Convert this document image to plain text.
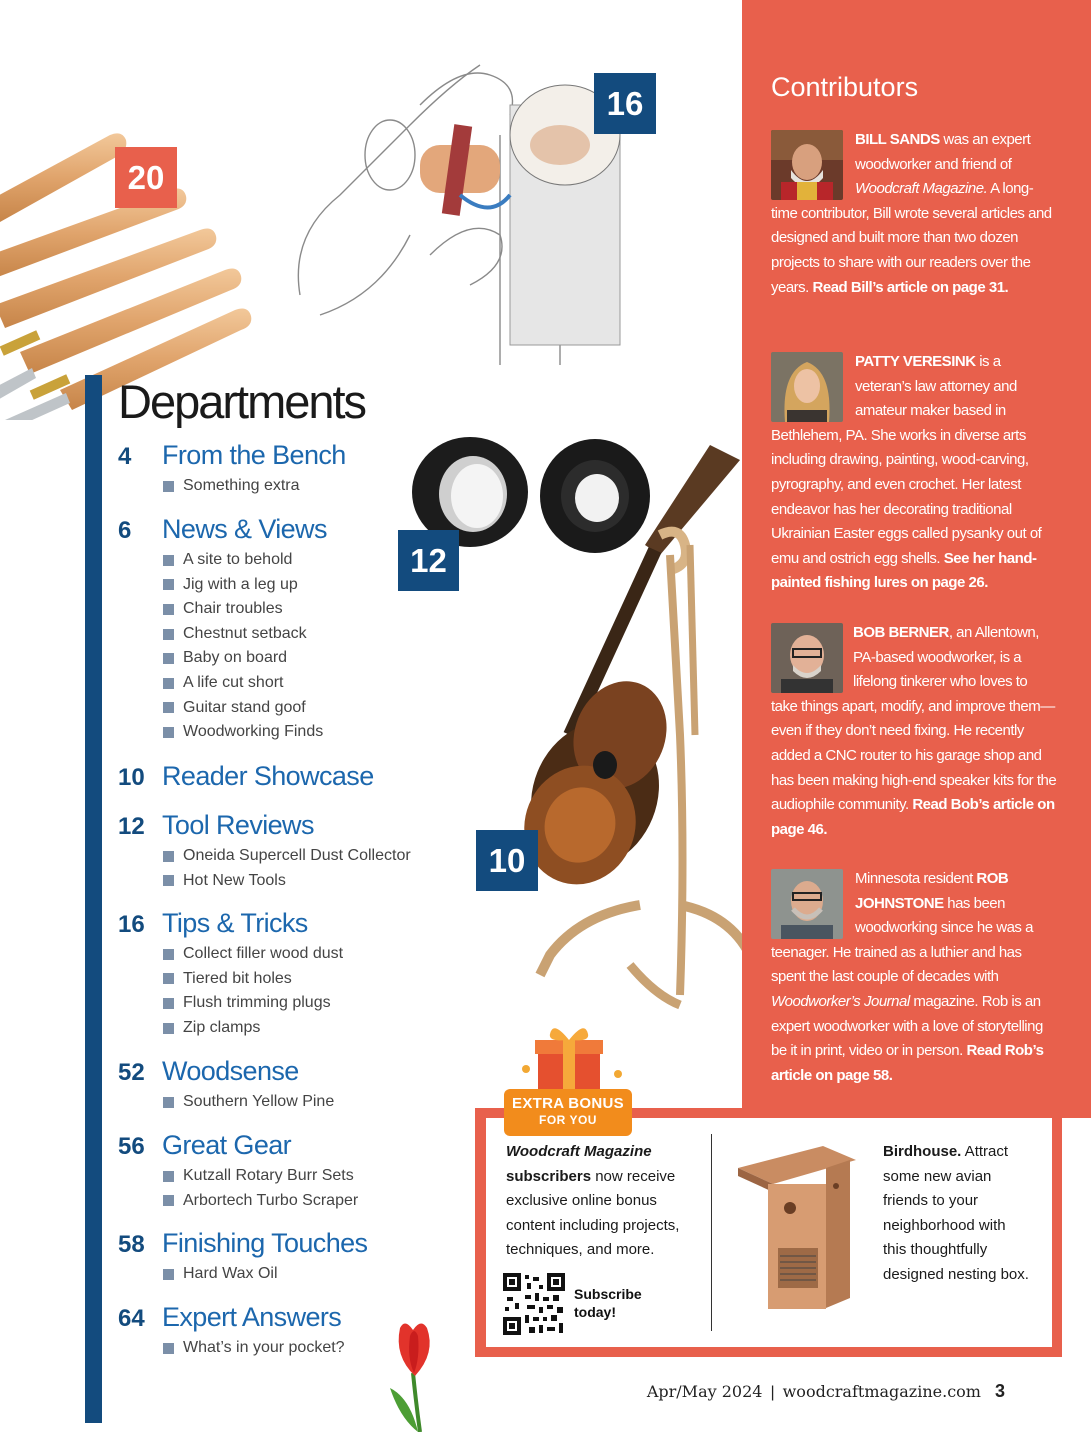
Contributors
BILL SANDS was an expert woodworker and friend of Woodcraft Magazine. A long-time contributor, Bill wrote several articles and designed and built more than two dozen projects to share with our readers over the years. Read Bill’s article on page 31.
PATTY VERESINK is a veteran’s law attorney and amateur maker based in Bethlehem, PA. She works in diverse arts including drawing, painting, wood-carving, pyrography, and even crochet. Her latest endeavor has her decorating traditional Ukrainian Easter eggs called pysanky out of emu and ostrich egg shells. See her hand-painted fishing lures on page 26.
BOB BERNER, an Allentown, PA-based woodworker, is a lifelong tinkerer who loves to take things apart, modify, and improve them—even if they don’t need fixing. He recently added a CNC router to his garage shop and has been making high-end speaker kits for the audiophile community. Read Bob’s article on page 46.
Minnesota resident ROB JOHNSTONE has been woodworking since he was a teenager. He trained as a luthier and has spent the last couple of decades with Woodworker’s Journal magazine. Rob is an expert woodworker with a love of storytelling be it in print, video or in person. Read Rob’s article on page 58.
Departments
4	From the Bench
Something extra
6	News & Views
A site to behold
Jig with a leg up
Chair troubles
Chestnut setback
Baby on board
A life cut short
Guitar stand goof
Woodworking Finds
10 Reader Showcase
12 Tool Reviews
Oneida Supercell Dust Collector
Hot New Tools
16 Tips & Tricks
Collect filler wood dust
Tiered bit holes
Flush trimming plugs
Zip clamps
52 Woodsense
Southern Yellow Pine
56 Great Gear
Kutzall Rotary Burr Sets
Arbortech Turbo Scraper
58 Finishing Touches
Hard Wax Oil
64 Expert Answers
What’s in your pocket?
16
20
12
10
EXTRA BONUS
FOR YOU
Woodcraft Magazine
subscribers now receive exclusive online bonus content including projects, techniques, and more.
Subscribe
today!
Birdhouse. Attract some new avian friends to your neighborhood with this thoughtfully designed nesting box.
Apr/May 2024 | woodcraftmagazine.com 3
